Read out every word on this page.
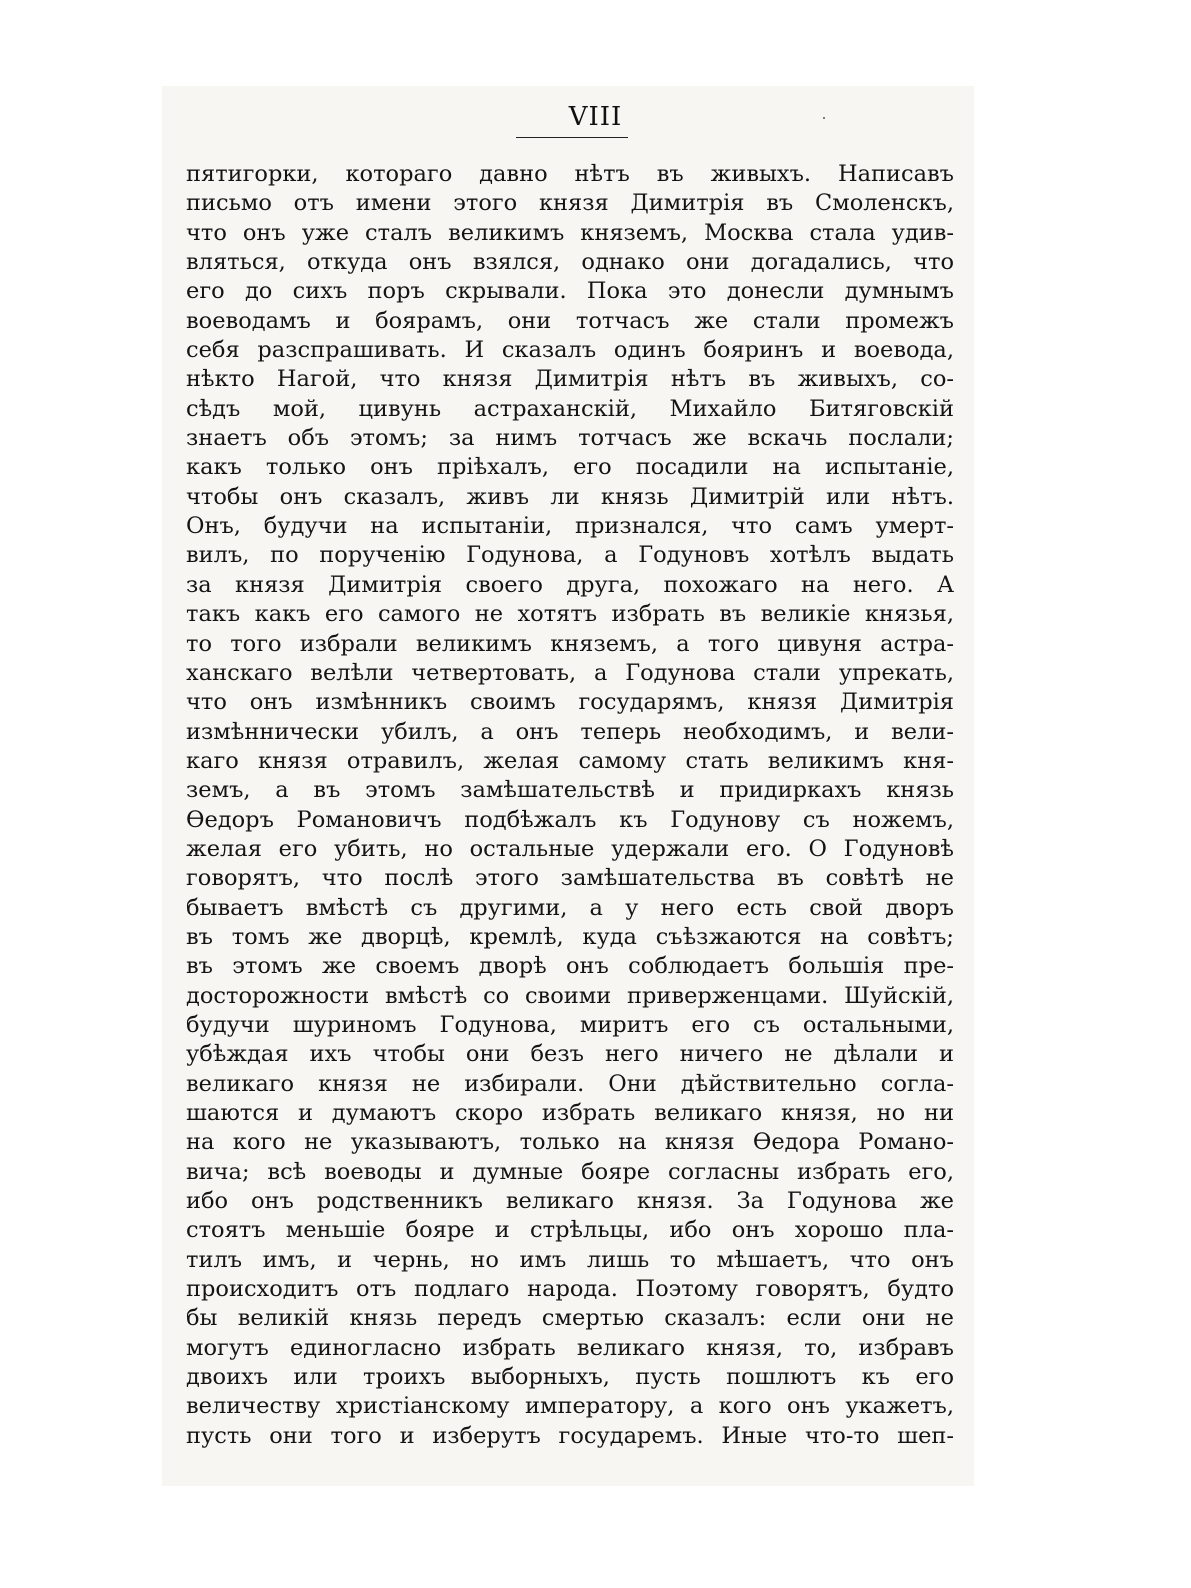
VIII
пятигорки, котораго давно нѣтъ въ живыхъ. Написавъ
письмо отъ имени этого князя Димитрія въ Смоленскъ,
что онъ уже сталъ великимъ княземъ, Москва стала удив-
вляться, откуда онъ взялся, однако они догадались, что
его до сихъ поръ скрывали. Пока это донесли думнымъ
воеводамъ и боярамъ, они тотчасъ же стали промежъ
себя разспрашивать. И сказалъ одинъ бояринъ и воевода,
нѣкто Нагой, что князя Димитрія нѣтъ въ живыхъ, со-
сѣдъ мой, цивунь астраханскій, Михайло Битяговскій
знаетъ объ этомъ; за нимъ тотчасъ же вскачь послали;
какъ только онъ пріѣхалъ, его посадили на испытаніе,
чтобы онъ сказалъ, живъ ли князь Димитрій или нѣтъ.
Онъ, будучи на испытаніи, признался, что самъ умерт-
вилъ, по порученію Годунова, а Годуновъ хотѣлъ выдать
за князя Димитрія своего друга, похожаго на него. А
такъ какъ его самого не хотятъ избрать въ великіе князья,
то того избрали великимъ княземъ, а того цивуня астра-
ханскаго велѣли четвертовать, а Годунова стали упрекать,
что онъ измѣнникъ своимъ государямъ, князя Димитрія
измѣннически убилъ, а онъ теперь необходимъ, и вели-
каго князя отравилъ, желая самому стать великимъ кня-
земъ, а въ этомъ замѣшательствѣ и придиркахъ князь
Ѳедоръ Романовичъ подбѣжалъ къ Годунову съ ножемъ,
желая его убить, но остальные удержали его. О Годуновѣ
говорятъ, что послѣ этого замѣшательства въ совѣтѣ не
бываетъ вмѣстѣ съ другими, а у него есть свой дворъ
въ томъ же дворцѣ, кремлѣ, куда съѣзжаются на совѣтъ;
въ этомъ же своемъ дворѣ онъ соблюдаетъ большія пре-
досторожности вмѣстѣ со своими приверженцами. Шуйскій,
будучи шуриномъ Годунова, миритъ его съ остальными,
убѣждая ихъ чтобы они безъ него ничего не дѣлали и
великаго князя не избирали. Они дѣйствительно согла-
шаются и думаютъ скоро избрать великаго князя, но ни
на кого не указываютъ, только на князя Ѳедора Романо-
вича; всѣ воеводы и думные бояре согласны избрать его,
ибо онъ родственникъ великаго князя. За Годунова же
стоятъ меньшіе бояре и стрѣльцы, ибо онъ хорошо пла-
тилъ имъ, и чернь, но имъ лишь то мѣшаетъ, что онъ
происходитъ отъ подлаго народа. Поэтому говорятъ, будто
бы великій князь передъ смертью сказалъ: если они не
могутъ единогласно избрать великаго князя, то, избравъ
двоихъ или троихъ выборныхъ, пусть пошлютъ къ его
величеству христіанскому императору, а кого онъ укажетъ,
пусть они того и изберутъ государемъ. Иные что-то шеп-
